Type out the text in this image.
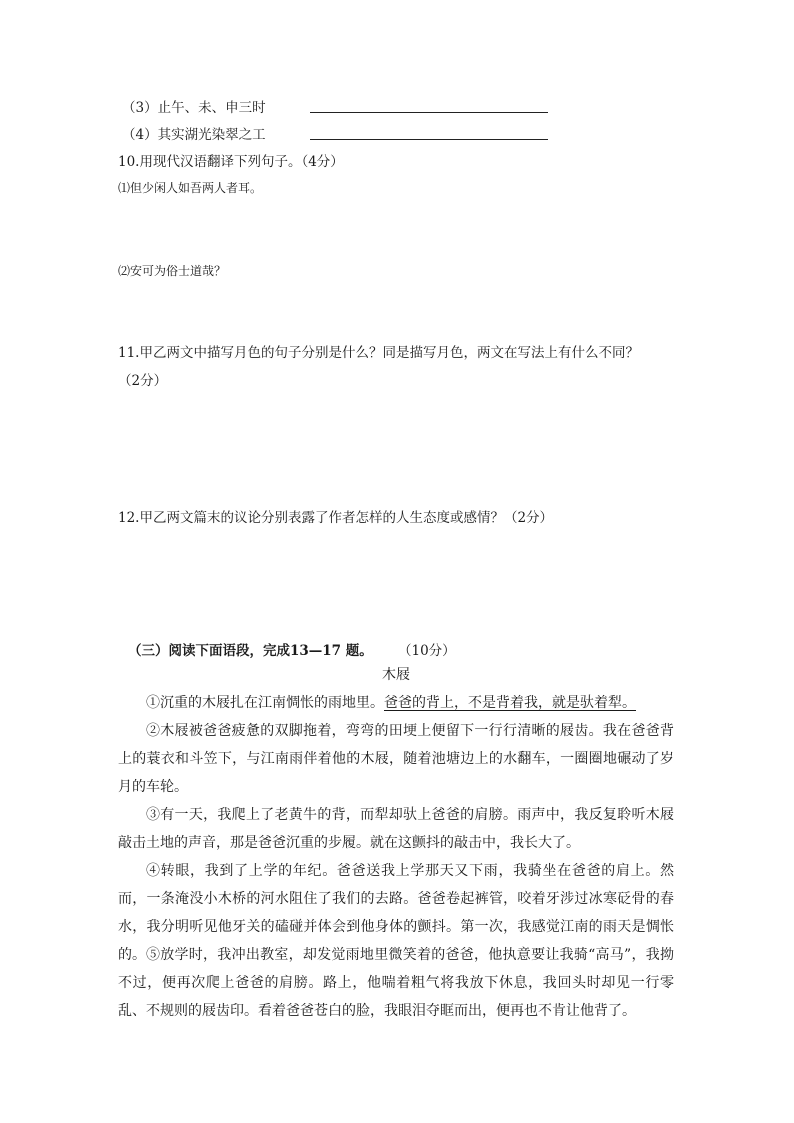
（3）止午、未、申三时
（4）其实湖光染翠之工
10.用现代汉语翻译下列句子。（4分）
⑴但少闲人如吾两人者耳。
⑵安可为俗士道哉？
11.甲乙两文中描写月色的句子分别是什么？同是描写月色，两文在写法上有什么不同？
（2分）
12.甲乙两文篇末的议论分别表露了作者怎样的人生态度或感情？（2分）
（三）阅读下面语段，完成13—17 题。 （10分）
木屐
①沉重的木屐扎在江南惆怅的雨地里。爸爸的背上，不是背着我，就是驮着犁。
②木屐被爸爸疲惫的双脚拖着，弯弯的田埂上便留下一行行清晰的屐齿。我在爸爸背上的蓑衣和斗笠下，与江南雨伴着他的木屐，随着池塘边上的水翻车，一圈圈地碾动了岁月的车轮。
③有一天，我爬上了老黄牛的背，而犁却驮上爸爸的肩膀。雨声中，我反复聆听木屐敲击土地的声音，那是爸爸沉重的步履。就在这颤抖的敲击中，我长大了。
④转眼，我到了上学的年纪。爸爸送我上学那天又下雨，我骑坐在爸爸的肩上。然而，一条淹没小木桥的河水阻住了我们的去路。爸爸卷起裤管，咬着牙涉过冰寒砭骨的春水，我分明听见他牙关的磕碰并体会到他身体的颤抖。第一次，我感觉江南的雨天是惆怅的。 ⑤放学时，我冲出教室，却发觉雨地里微笑着的爸爸，他执意要让我骑“高马”，我拗不过，便再次爬上爸爸的肩膀。路上，他喘着粗气将我放下休息，我回头时却见一行零乱、不规则的屐齿印。看着爸爸苍白的脸，我眼泪夺眶而出，便再也不肯让他背了。
